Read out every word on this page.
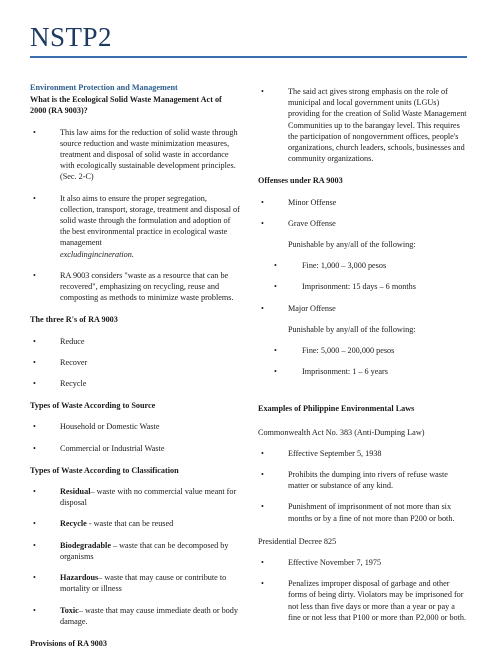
NSTP2

Environment Protection and Management

What is the Ecological Solid Waste Management Act of 2000 (RA 9003)?

• This law aims for the reduction of solid waste through source reduction and waste minimization measures, treatment and disposal of solid waste in accordance with ecologically sustainable development principles. (Sec. 2-C)
• It also aims to ensure the proper segregation, collection, transport, storage, treatment and disposal of solid waste through the formulation and adoption of the best environmental practice in ecological waste management
excludingincineration.
• RA 9003 considers "waste as a resource that can be recovered", emphasizing on recycling, reuse and composting as methods to minimize waste problems.

The three R's of RA 9003

• Reduce
• Recover
• Recycle

Types of Waste According to Source

• Household or Domestic Waste
• Commercial or Industrial Waste

Types of Waste According to Classification

• Residual– waste with no commercial value meant for disposal
• Recycle - waste that can be reused
• Biodegradable – waste that can be decomposed by organisms
• Hazardous– waste that may cause or contribute to mortality or illness
• Toxic– waste that may cause immediate death or body damage.

Provisions of RA 9003

• The said act gives strong emphasis on the role of municipal and local government units (LGUs) providing for the creation of Solid Waste Management Communities up to the barangay level. This requires the participation of nongovernment offices, people's organizations, church leaders, schools, businesses and community organizations.

Offenses under RA 9003

• Minor Offense
• Grave Offense
Punishable by any/all of the following:
• Fine: 1,000 – 3,000 pesos
• Imprisonment: 15 days – 6 months
• Major Offense
Punishable by any/all of the following:
• Fine: 5,000 – 200,000 pesos
• Imprisonment: 1 – 6 years

Examples of Philippine Environmental Laws

Commonwealth Act No. 383 (Anti-Dumping Law)
• Effective September 5, 1938
• Prohibits the dumping into rivers of refuse waste matter or substance of any kind.
• Punishment of imprisonment of not more than six months or by a fine of not more than P200 or both.
Presidential Decree 825
• Effective November 7, 1975
• Penalizes improper disposal of garbage and other forms of being dirty. Violators may be imprisoned for not less than five days or more than a year or pay a fine or not less that P100 or more than P2,000 or both.
